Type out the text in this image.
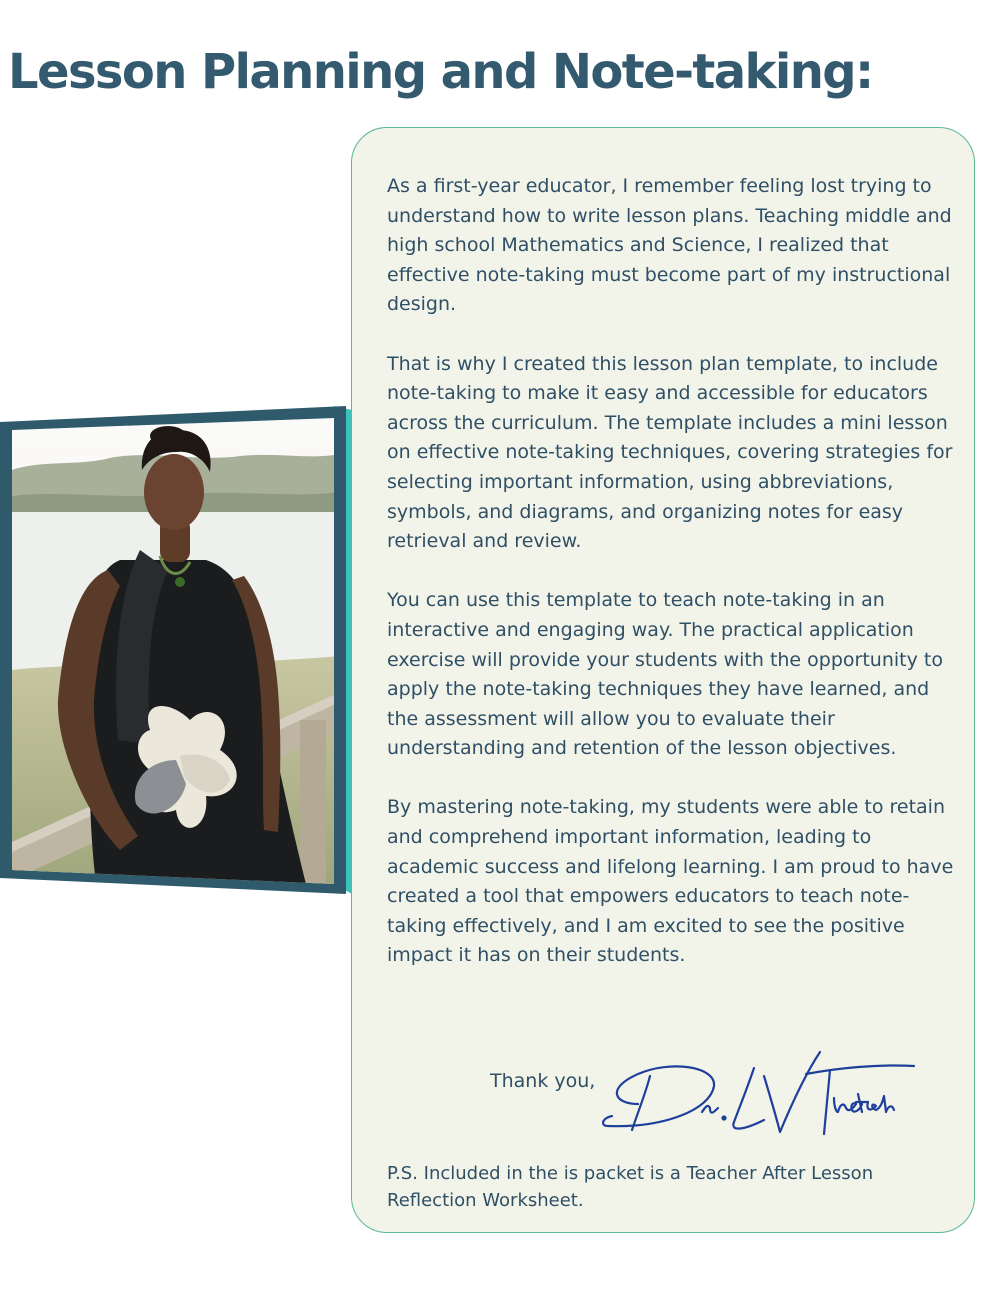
Lesson Planning and Note-taking:

As a first-year educator, I remember feeling lost trying to understand how to write lesson plans. Teaching middle and high school Mathematics and Science, I realized that effective note-taking must become part of my instructional design.

That is why I created this lesson plan template, to include note-taking to make it easy and accessible for educators across the curriculum. The template includes a mini lesson on effective note-taking techniques, covering strategies for selecting important information, using abbreviations, symbols, and diagrams, and organizing notes for easy retrieval and review.

You can use this template to teach note-taking in an interactive and engaging way. The practical application exercise will provide your students with the opportunity to apply the note-taking techniques they have learned, and the assessment will allow you to evaluate their understanding and retention of the lesson objectives.

By mastering note-taking, my students were able to retain and comprehend important information, leading to academic success and lifelong learning. I am proud to have created a tool that empowers educators to teach note-taking effectively, and I am excited to see the positive impact it has on their students.

Thank you,
P.S. Included in the is packet is a Teacher After Lesson Reflection Worksheet.
